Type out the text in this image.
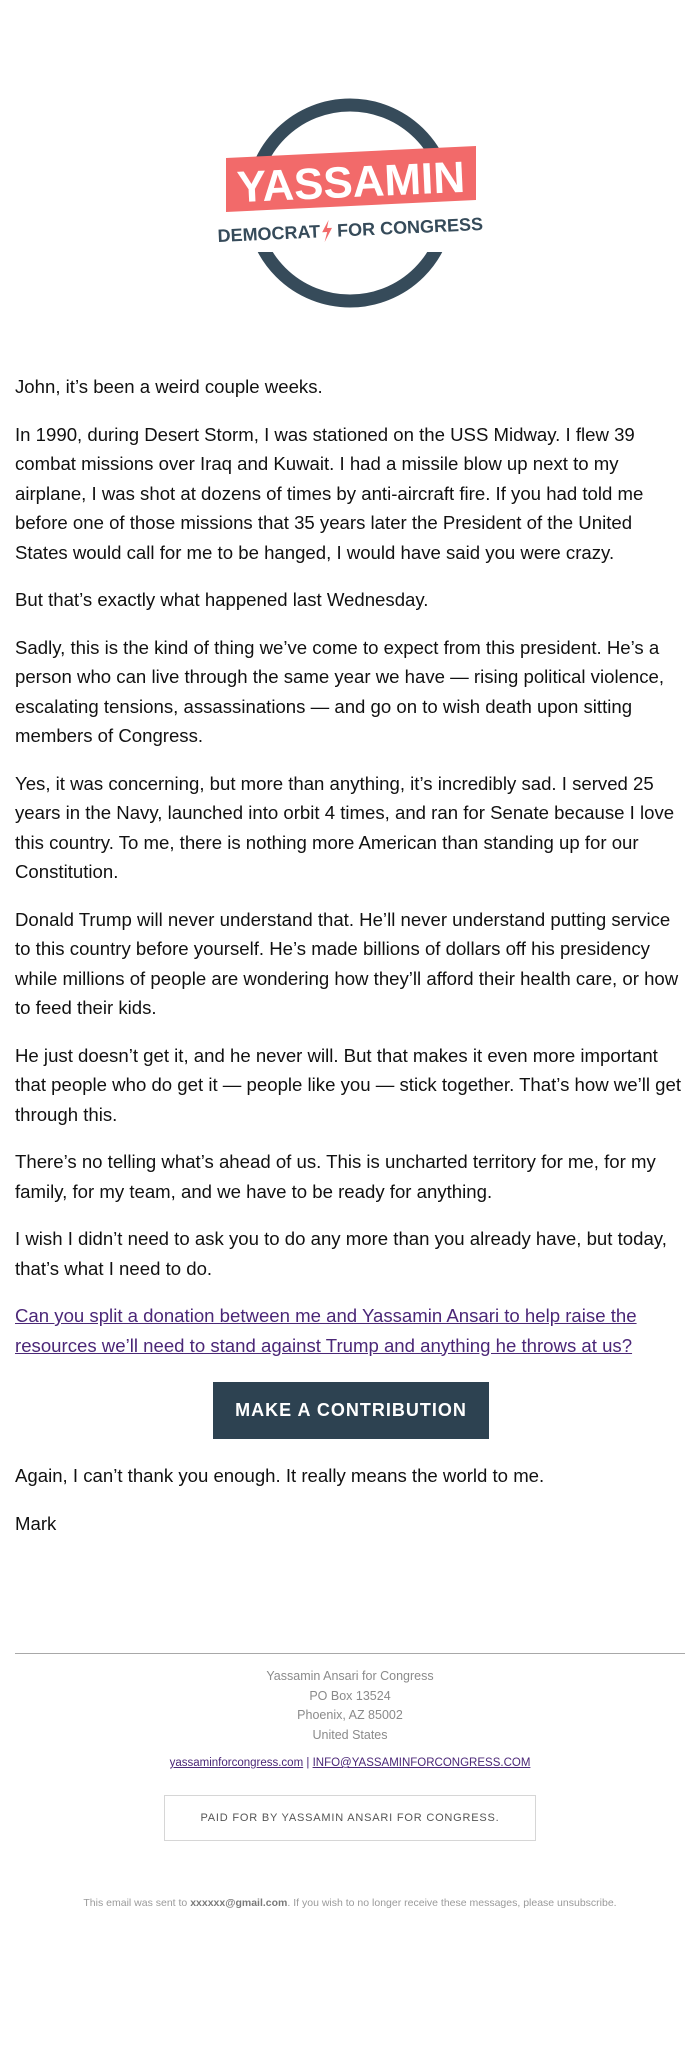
YASSAMIN
DEMOCRAT FOR CONGRESS

John, it’s been a weird couple weeks.

In 1990, during Desert Storm, I was stationed on the USS Midway. I flew 39 combat missions over Iraq and Kuwait. I had a missile blow up next to my airplane, I was shot at dozens of times by anti-aircraft fire. If you had told me before one of those missions that 35 years later the President of the United States would call for me to be hanged, I would have said you were crazy.

But that’s exactly what happened last Wednesday.

Sadly, this is the kind of thing we’ve come to expect from this president. He’s a person who can live through the same year we have — rising political violence, escalating tensions, assassinations — and go on to wish death upon sitting members of Congress.

Yes, it was concerning, but more than anything, it’s incredibly sad. I served 25 years in the Navy, launched into orbit 4 times, and ran for Senate because I love this country. To me, there is nothing more American than standing up for our Constitution.

Donald Trump will never understand that. He’ll never understand putting service to this country before yourself. He’s made billions of dollars off his presidency while millions of people are wondering how they’ll afford their health care, or how to feed their kids.

He just doesn’t get it, and he never will. But that makes it even more important that people who do get it — people like you — stick together. That’s how we’ll get through this.

There’s no telling what’s ahead of us. This is uncharted territory for me, for my family, for my team, and we have to be ready for anything.

I wish I didn’t need to ask you to do any more than you already have, but today, that’s what I need to do.

Can you split a donation between me and Yassamin Ansari to help raise the resources we’ll need to stand against Trump and anything he throws at us?
MAKE A CONTRIBUTION

Again, I can’t thank you enough. It really means the world to me.

Mark

Yassamin Ansari for Congress
PO Box 13524
Phoenix, AZ 85002
United States
yassaminforcongress.com | INFO@YASSAMINFORCONGRESS.COM
PAID FOR BY YASSAMIN ANSARI FOR CONGRESS.
This email was sent to xxxxxx@gmail.com. If you wish to no longer receive these messages, please unsubscribe.
